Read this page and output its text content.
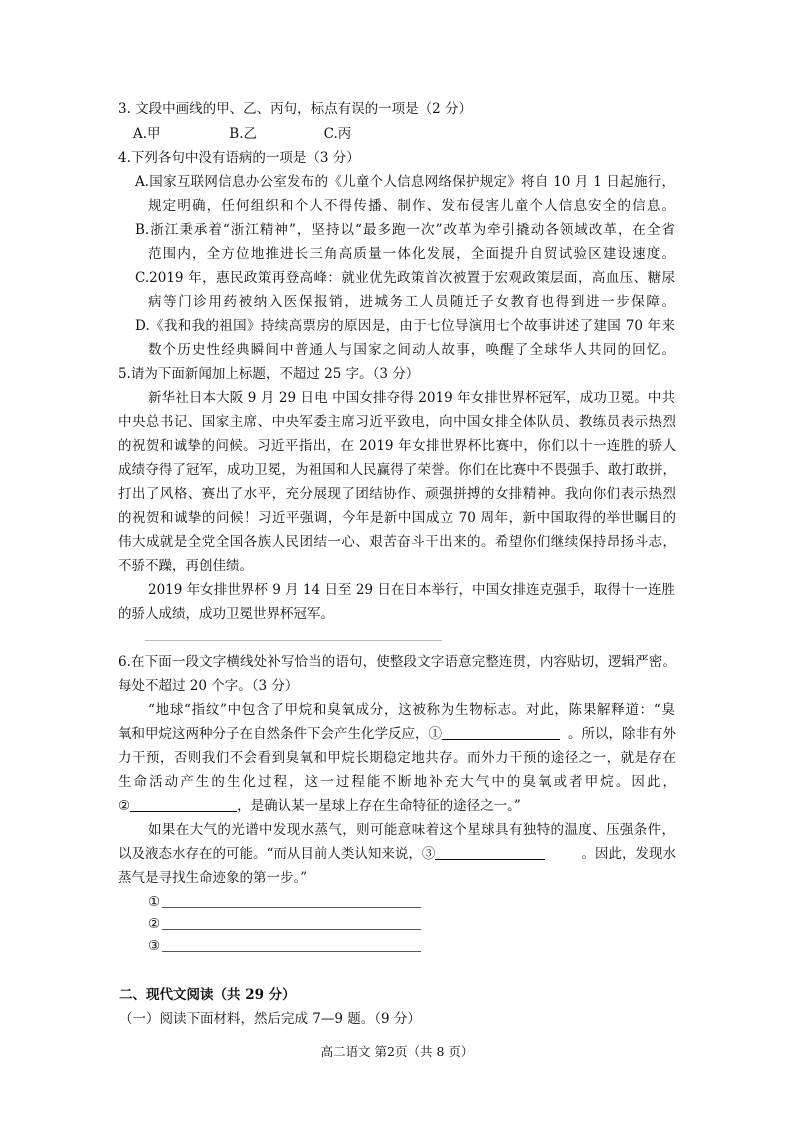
3. 文段中画线的甲、乙、丙句，标点有误的一项是（2 分）
A.甲	B.乙	C.丙
4.下列各句中没有语病的一项是（3 分）
A.国家互联网信息办公室发布的《儿童个人信息网络保护规定》将自 10 月 1 日起施行，
规定明确，任何组织和个人不得传播、制作、发布侵害儿童个人信息安全的信息。
B.浙江秉承着“浙江精神”，坚持以“最多跑一次”改革为牵引撬动各领域改革，在全省
范围内，全方位地推进长三角高质量一体化发展，全面提升自贸试验区建设速度。
C.2019 年，惠民政策再登高峰：就业优先政策首次被置于宏观政策层面，高血压、糖尿
病等门诊用药被纳入医保报销，进城务工人员随迁子女教育也得到进一步保障。
D.《我和我的祖国》持续高票房的原因是，由于七位导演用七个故事讲述了建国 70 年来
数个历史性经典瞬间中普通人与国家之间动人故事，唤醒了全球华人共同的回忆。
5.请为下面新闻加上标题，不超过 25 字。（3 分）
新华社日本大阪 9 月 29 日电 中国女排夺得 2019 年女排世界杯冠军，成功卫冕。中共
中央总书记、国家主席、中央军委主席习近平致电，向中国女排全体队员、教练员表示热烈
的祝贺和诚挚的问候。习近平指出，在 2019 年女排世界杯比赛中，你们以十一连胜的骄人
成绩夺得了冠军，成功卫冕，为祖国和人民赢得了荣誉。你们在比赛中不畏强手、敢打敢拼，
打出了风格、赛出了水平，充分展现了团结协作、顽强拼搏的女排精神。我向你们表示热烈
的祝贺和诚挚的问候！习近平强调，今年是新中国成立 70 周年，新中国取得的举世瞩目的
伟大成就是全党全国各族人民团结一心、艰苦奋斗干出来的。希望你们继续保持昂扬斗志，
不骄不躁，再创佳绩。
2019 年女排世界杯 9 月 14 日至 29 日在日本举行，中国女排连克强手，取得十一连胜
的骄人成绩，成功卫冕世界杯冠军。
6.在下面一段文字横线处补写恰当的语句，使整段文字语意完整连贯，内容贴切，逻辑严密。
每处不超过 20 个字。（3 分）
“地球“指纹”中包含了甲烷和臭氧成分，这被称为生物标志。对此，陈果解释道：“臭
氧和甲烷这两种分子在自然条件下会产生化学反应，①	。所以，除非有外
力干预，否则我们不会看到臭氧和甲烷长期稳定地共存。而外力干预的途径之一，就是存在
生命活动产生的生化过程，这一过程能不断地补充大气中的臭氧或者甲烷。因此，
②	，是确认某一星球上存在生命特征的途径之一。”
如果在大气的光谱中发现水蒸气，则可能意味着这个星球具有独特的温度、压强条件，
以及液态水存在的可能。“而从目前人类认知来说，③	。因此，发现水
蒸气是寻找生命迹象的第一步。”
①
②
③
二、现代文阅读（共 29 分）
（一）阅读下面材料，然后完成 7—9 题。（9 分）
高二语文 第2页（共 8 页）
